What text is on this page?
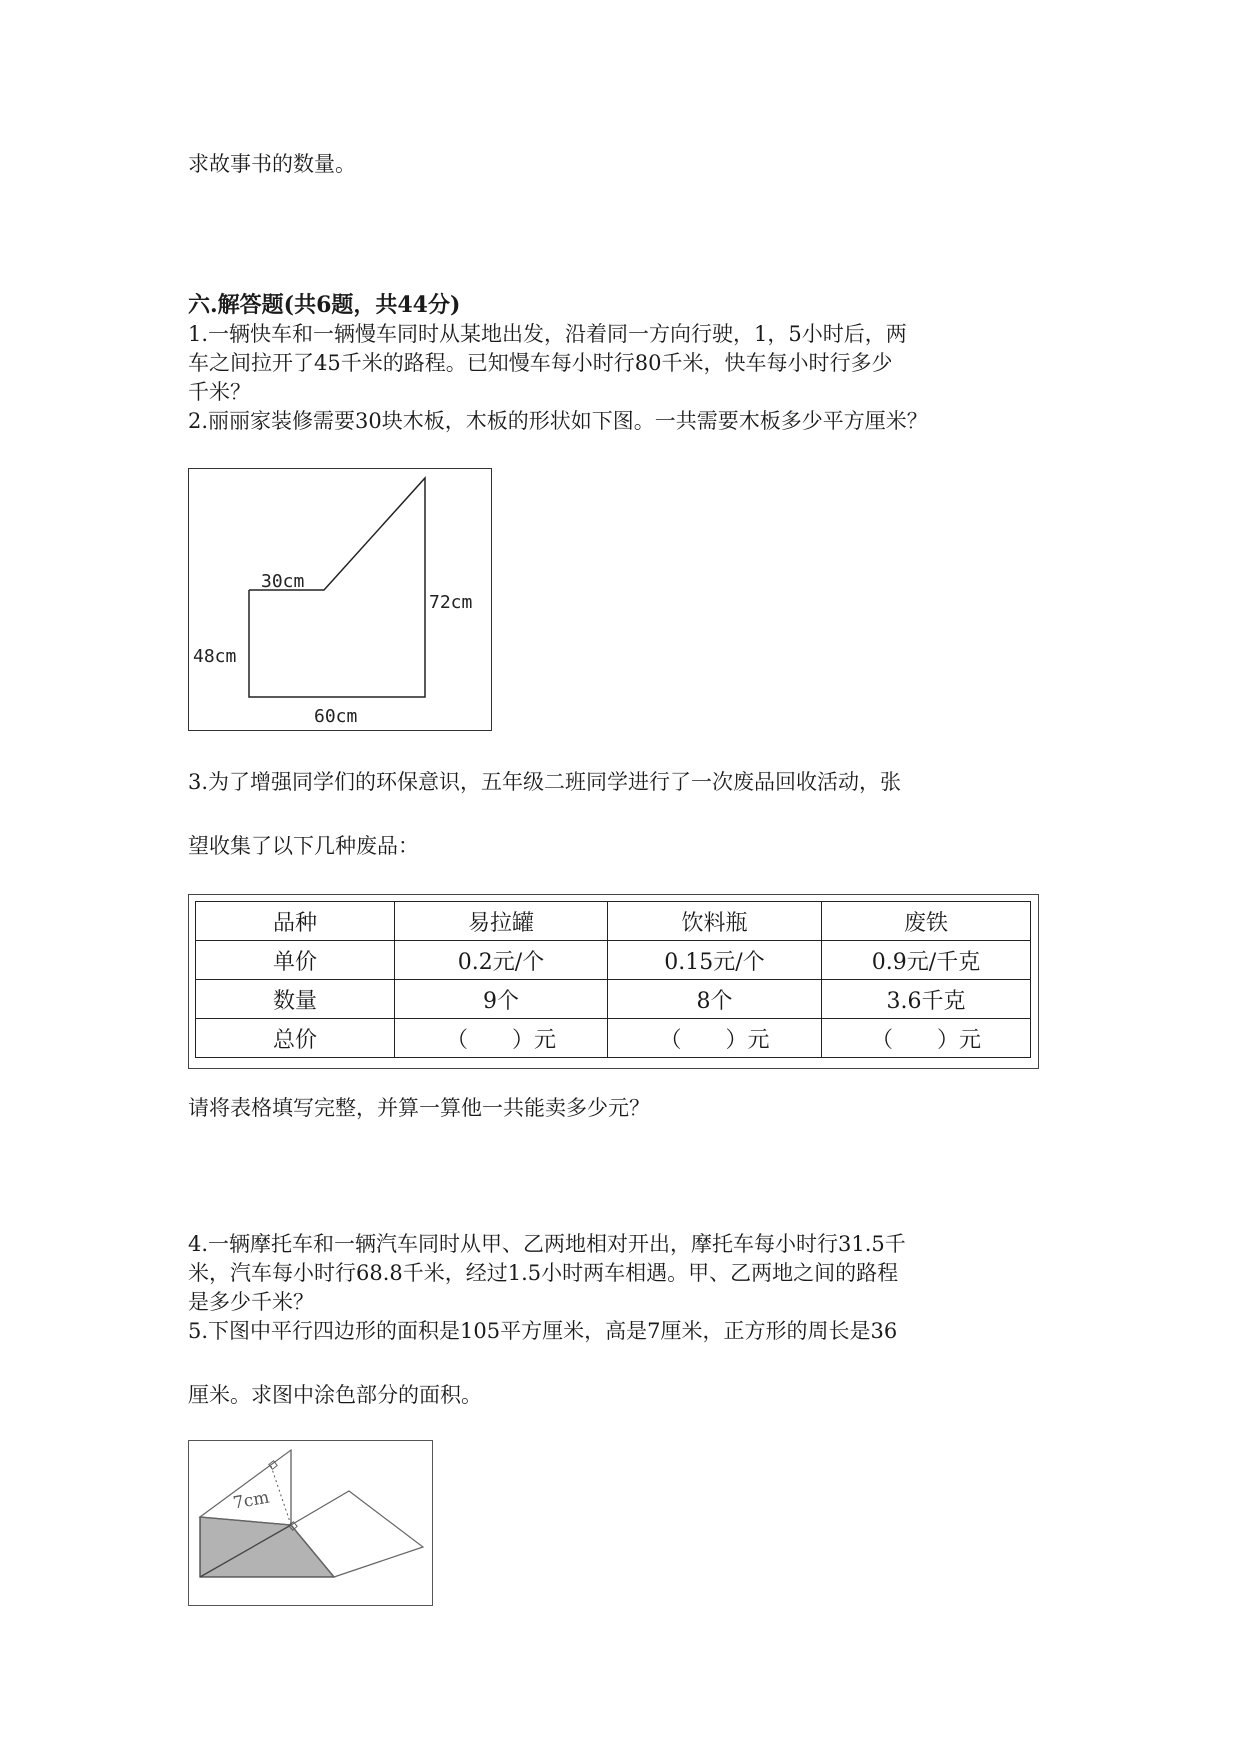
求故事书的数量。
六.解答题(共6题，共44分)
1.一辆快车和一辆慢车同时从某地出发，沿着同一方向行驶，1，5小时后，两
车之间拉开了45千米的路程。已知慢车每小时行80千米，快车每小时行多少
千米？
2.丽丽家装修需要30块木板，木板的形状如下图。一共需要木板多少平方厘米？
30cm
72cm
48cm
60cm
3.为了增强同学们的环保意识，五年级二班同学进行了一次废品回收活动，张
望收集了以下几种废品：
品种	易拉罐	饮料瓶	废铁
单价	0.2元/个	0.15元/个	0.9元/千克
数量	9个	8个	3.6千克
总价	（　　）元	（　　）元	（　　）元
请将表格填写完整，并算一算他一共能卖多少元？
4.一辆摩托车和一辆汽车同时从甲、乙两地相对开出，摩托车每小时行31.5千
米，汽车每小时行68.8千米，经过1.5小时两车相遇。甲、乙两地之间的路程
是多少千米？
5.下图中平行四边形的面积是105平方厘米，高是7厘米，正方形的周长是36
厘米。求图中涂色部分的面积。
7cm
